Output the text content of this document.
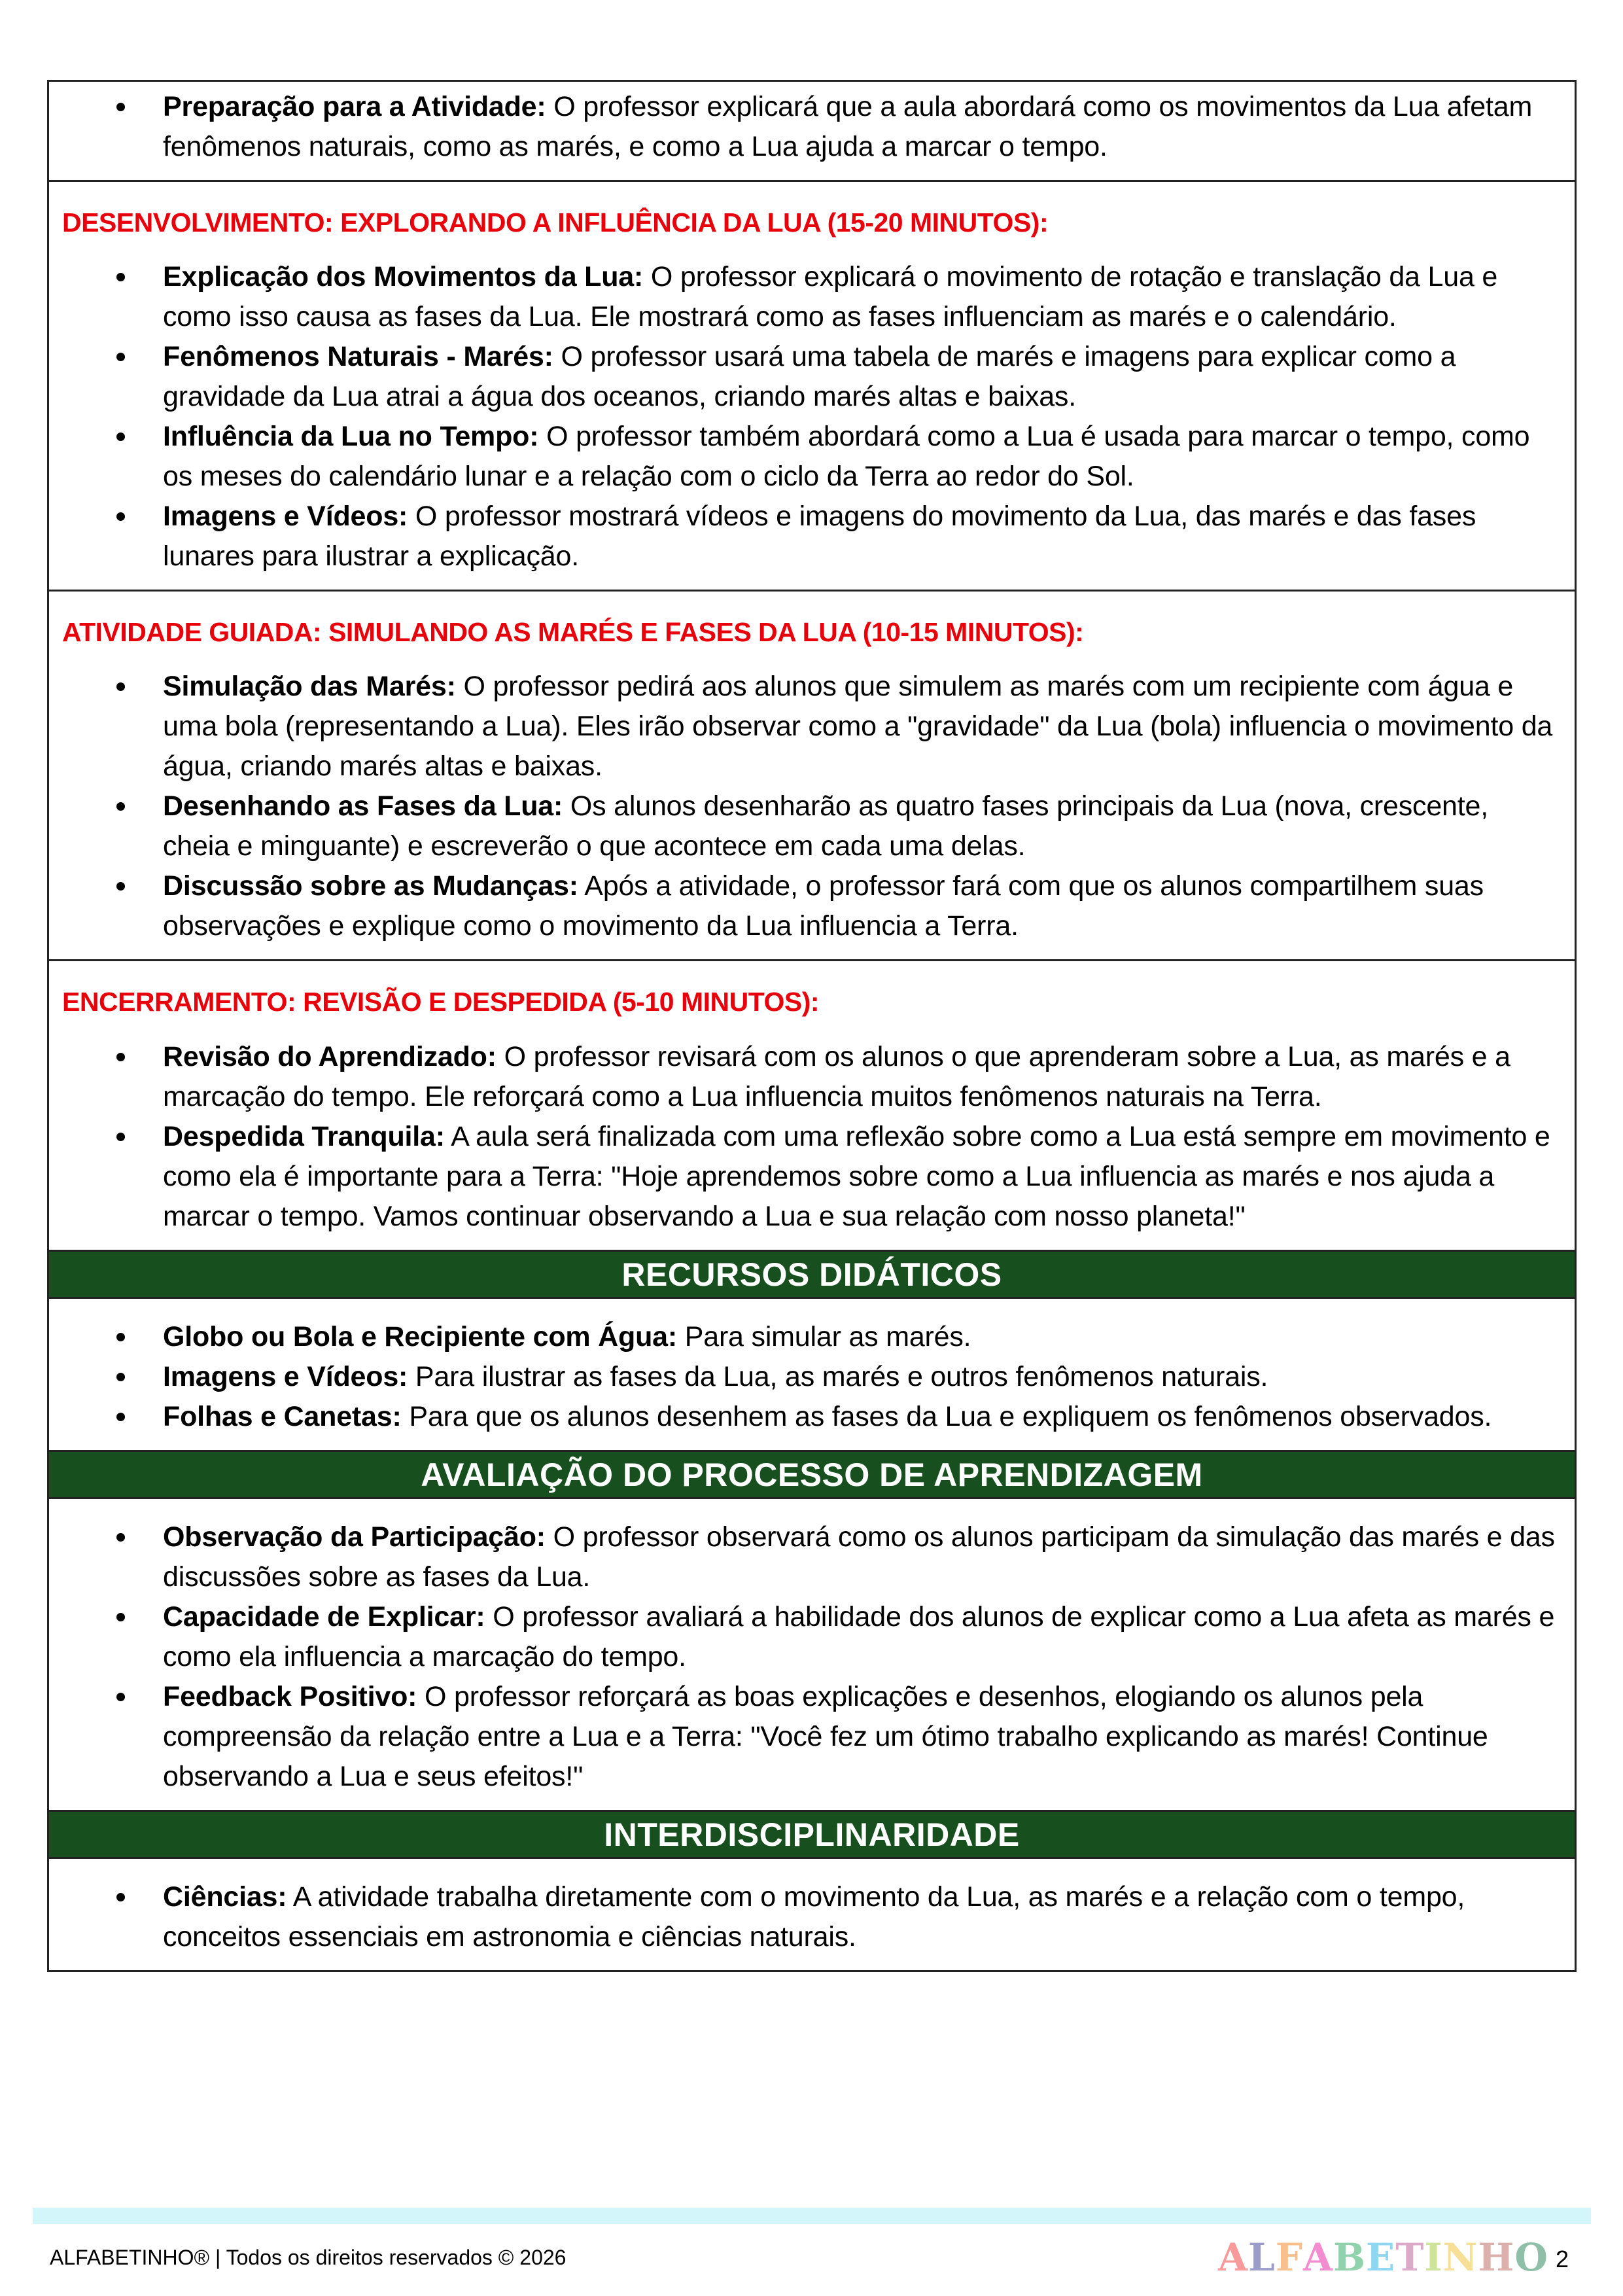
Preparação para a Atividade: O professor explicará que a aula abordará como os movimentos da Lua afetam fenômenos naturais, como as marés, e como a Lua ajuda a marcar o tempo.
DESENVOLVIMENTO: EXPLORANDO A INFLUÊNCIA DA LUA (15-20 MINUTOS):
Explicação dos Movimentos da Lua: O professor explicará o movimento de rotação e translação da Lua e como isso causa as fases da Lua. Ele mostrará como as fases influenciam as marés e o calendário.
Fenômenos Naturais - Marés: O professor usará uma tabela de marés e imagens para explicar como a gravidade da Lua atrai a água dos oceanos, criando marés altas e baixas.
Influência da Lua no Tempo: O professor também abordará como a Lua é usada para marcar o tempo, como os meses do calendário lunar e a relação com o ciclo da Terra ao redor do Sol.
Imagens e Vídeos: O professor mostrará vídeos e imagens do movimento da Lua, das marés e das fases lunares para ilustrar a explicação.
ATIVIDADE GUIADA: SIMULANDO AS MARÉS E FASES DA LUA (10-15 MINUTOS):
Simulação das Marés: O professor pedirá aos alunos que simulem as marés com um recipiente com água e uma bola (representando a Lua). Eles irão observar como a "gravidade" da Lua (bola) influencia o movimento da água, criando marés altas e baixas.
Desenhando as Fases da Lua: Os alunos desenharão as quatro fases principais da Lua (nova, crescente, cheia e minguante) e escreverão o que acontece em cada uma delas.
Discussão sobre as Mudanças: Após a atividade, o professor fará com que os alunos compartilhem suas observações e explique como o movimento da Lua influencia a Terra.
ENCERRAMENTO: REVISÃO E DESPEDIDA (5-10 MINUTOS):
Revisão do Aprendizado: O professor revisará com os alunos o que aprenderam sobre a Lua, as marés e a marcação do tempo. Ele reforçará como a Lua influencia muitos fenômenos naturais na Terra.
Despedida Tranquila: A aula será finalizada com uma reflexão sobre como a Lua está sempre em movimento e como ela é importante para a Terra: "Hoje aprendemos sobre como a Lua influencia as marés e nos ajuda a marcar o tempo. Vamos continuar observando a Lua e sua relação com nosso planeta!"
RECURSOS DIDÁTICOS
Globo ou Bola e Recipiente com Água: Para simular as marés.
Imagens e Vídeos: Para ilustrar as fases da Lua, as marés e outros fenômenos naturais.
Folhas e Canetas: Para que os alunos desenhem as fases da Lua e expliquem os fenômenos observados.
AVALIAÇÃO DO PROCESSO DE APRENDIZAGEM
Observação da Participação: O professor observará como os alunos participam da simulação das marés e das discussões sobre as fases da Lua.
Capacidade de Explicar: O professor avaliará a habilidade dos alunos de explicar como a Lua afeta as marés e como ela influencia a marcação do tempo.
Feedback Positivo: O professor reforçará as boas explicações e desenhos, elogiando os alunos pela compreensão da relação entre a Lua e a Terra: "Você fez um ótimo trabalho explicando as marés! Continue observando a Lua e seus efeitos!"
INTERDISCIPLINARIDADE
Ciências: A atividade trabalha diretamente com o movimento da Lua, as marés e a relação com o tempo, conceitos essenciais em astronomia e ciências naturais.
ALFABETINHO® | Todos os direitos reservados © 2026	ALFABETINHO 2
